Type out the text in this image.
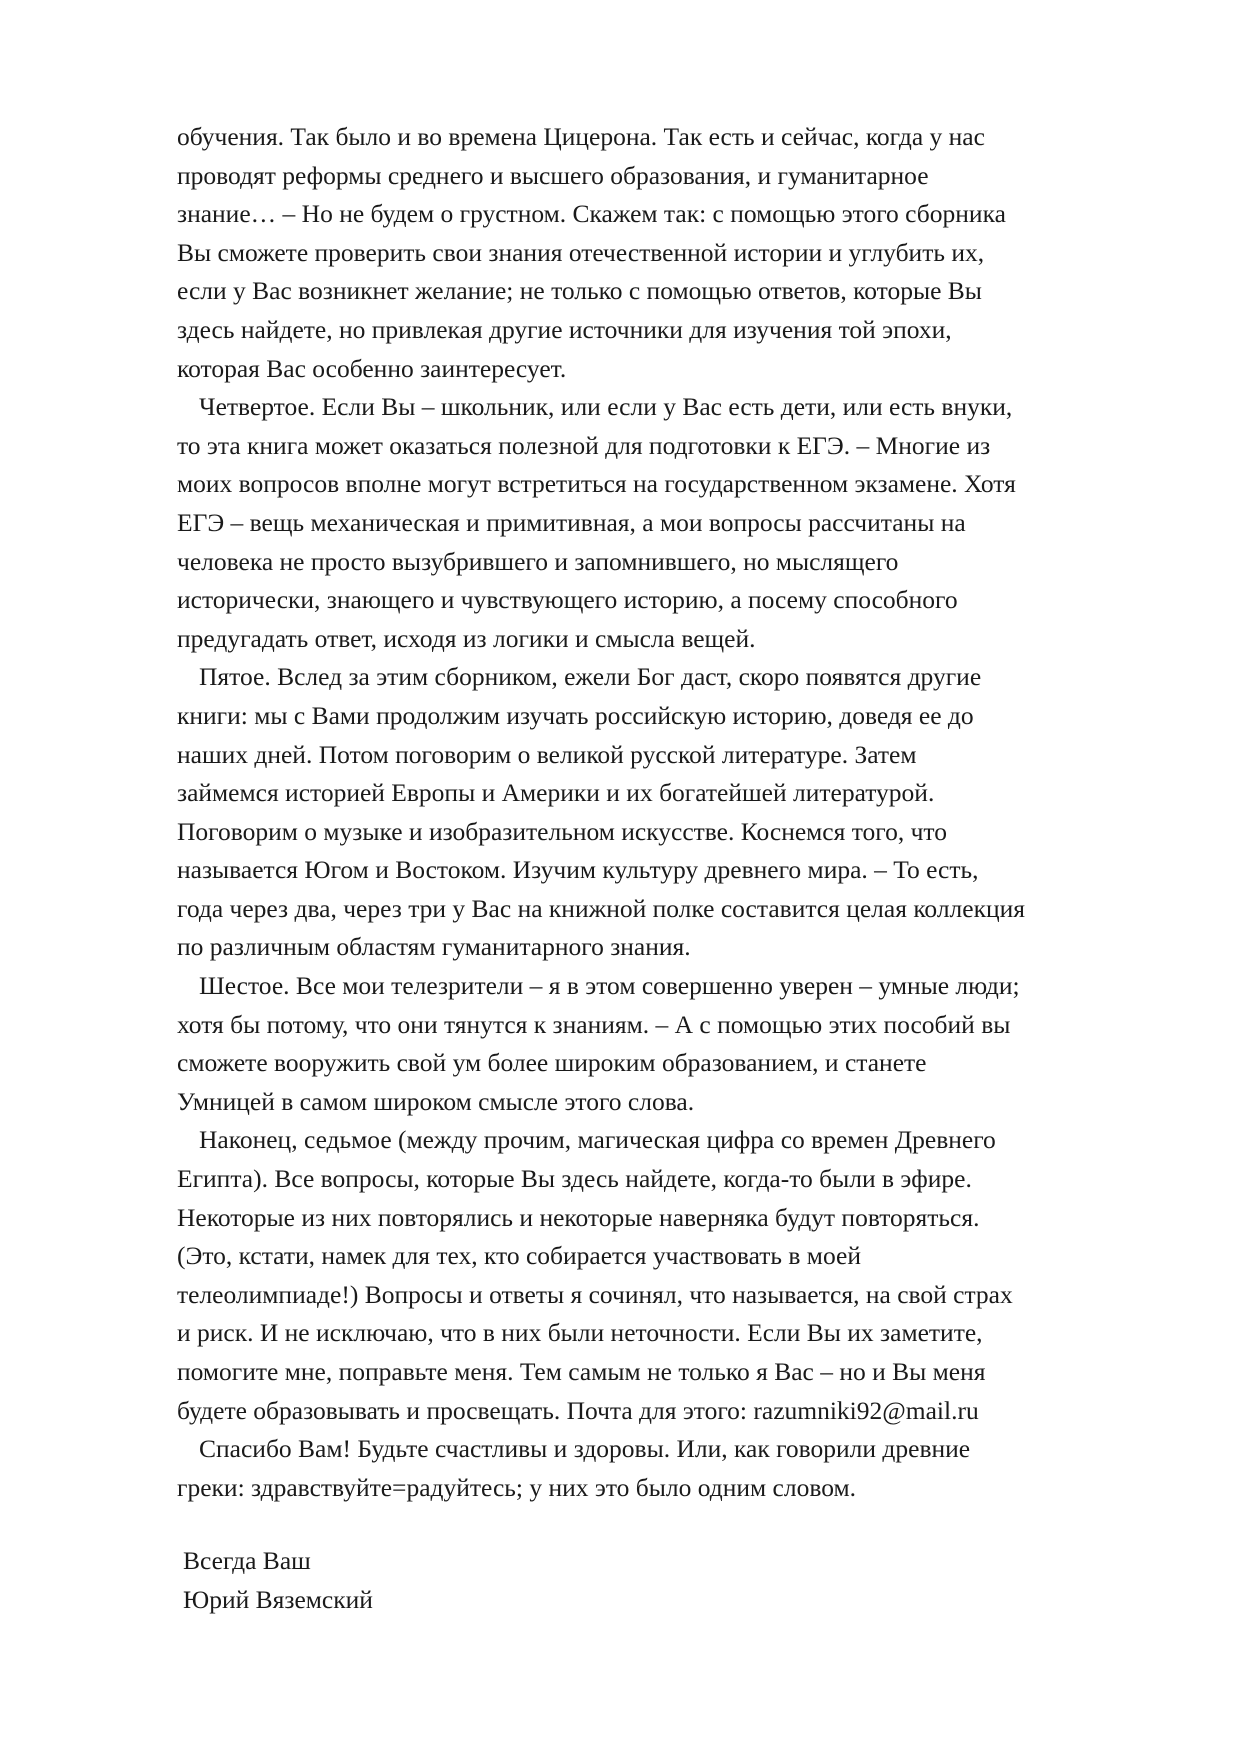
обучения. Так было и во времена Цицерона. Так есть и сейчас, когда у нас
проводят реформы среднего и высшего образования, и гуманитарное
знание… – Но не будем о грустном. Скажем так: с помощью этого сборника
Вы сможете проверить свои знания отечественной истории и углубить их,
если у Вас возникнет желание; не только с помощью ответов, которые Вы
здесь найдете, но привлекая другие источники для изучения той эпохи,
которая Вас особенно заинтересует.
Четвертое. Если Вы – школьник, или если у Вас есть дети, или есть внуки,
то эта книга может оказаться полезной для подготовки к ЕГЭ. – Многие из
моих вопросов вполне могут встретиться на государственном экзамене. Хотя
ЕГЭ – вещь механическая и примитивная, а мои вопросы рассчитаны на
человека не просто вызубрившего и запомнившего, но мыслящего
исторически, знающего и чувствующего историю, а посему способного
предугадать ответ, исходя из логики и смысла вещей.
Пятое. Вслед за этим сборником, ежели Бог даст, скоро появятся другие
книги: мы с Вами продолжим изучать российскую историю, доведя ее до
наших дней. Потом поговорим о великой русской литературе. Затем
займемся историей Европы и Америки и их богатейшей литературой.
Поговорим о музыке и изобразительном искусстве. Коснемся того, что
называется Югом и Востоком. Изучим культуру древнего мира. – То есть,
года через два, через три у Вас на книжной полке составится целая коллекция
по различным областям гуманитарного знания.
Шестое. Все мои телезрители – я в этом совершенно уверен – умные люди;
хотя бы потому, что они тянутся к знаниям. – А с помощью этих пособий вы
сможете вооружить свой ум более широким образованием, и станете
Умницей в самом широком смысле этого слова.
Наконец, седьмое (между прочим, магическая цифра со времен Древнего
Египта). Все вопросы, которые Вы здесь найдете, когда-то были в эфире.
Некоторые из них повторялись и некоторые наверняка будут повторяться.
(Это, кстати, намек для тех, кто собирается участвовать в моей
телеолимпиаде!) Вопросы и ответы я сочинял, что называется, на свой страх
и риск. И не исключаю, что в них были неточности. Если Вы их заметите,
помогите мне, поправьте меня. Тем самым не только я Вас – но и Вы меня
будете образовывать и просвещать. Почта для этого: razumniki92@mail.ru
Спасибо Вам! Будьте счастливы и здоровы. Или, как говорили древние
греки: здравствуйте=радуйтесь; у них это было одним словом.
Всегда Ваш
Юрий Вяземский
